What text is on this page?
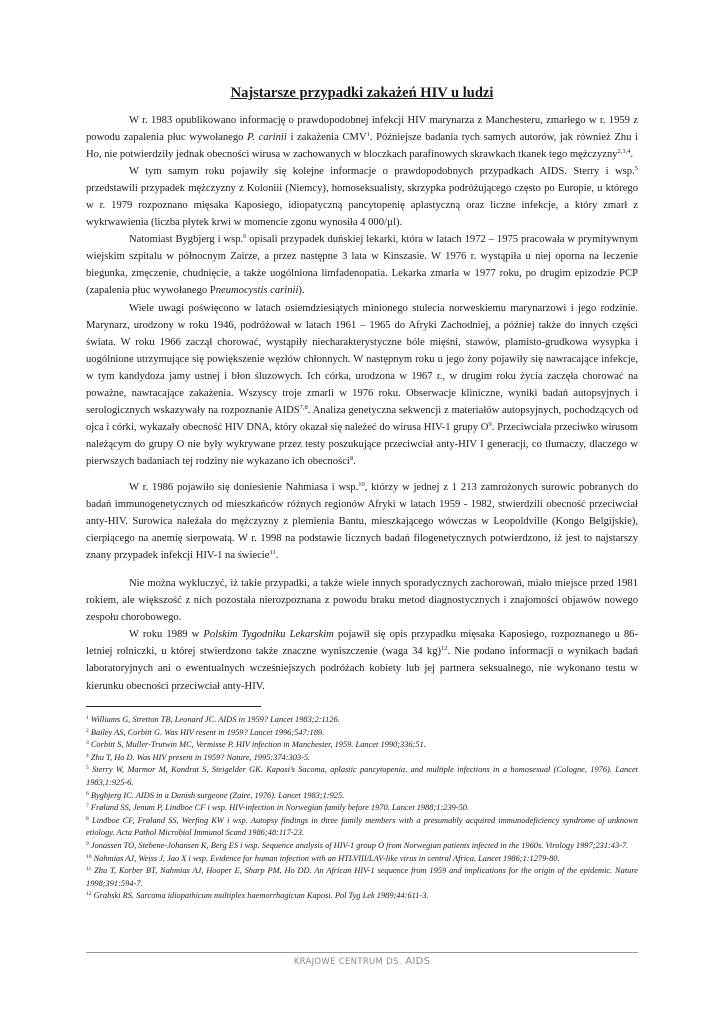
Najstarsze przypadki zakażeń HIV u ludzi

W r. 1983 opublikowano informację o prawdopodobnej infekcji HIV marynarza z Manchesteru, zmarłego w r. 1959 z powodu zapalenia płuc wywołanego P. carinii i zakażenia CMV$^1$. Późniejsze badania tych samych autorów, jak również Zhu i Ho, nie potwierdziły jednak obecności wirusa w zachowanych w bloczkach parafinowych skrawkach tkanek tego mężczyzny$^{2,3,4}$.

W tym samym roku pojawiły się kolejne informacje o prawdopodobnych przypadkach AIDS. Sterry i wsp.$^5$ przedstawili przypadek mężczyzny z Koloniii (Niemcy), homoseksualisty, skrzypka podróżującego często po Europie, u którego w r. 1979 rozpoznano mięsaka Kaposiego, idiopatyczną pancytopenię aplastyczną oraz liczne infekcje, a który zmarł z wykrwawienia (liczba płytek krwi w momencie zgonu wynosiła 4 000/µl).

Natomiast Bygbjerg i wsp.$^6$ opisali przypadek duńskiej lekarki, która w latach 1972 – 1975 pracowała w prymitywnym wiejskim szpitalu w północnym Zairze, a przez następne 3 lata w Kinszasie. W 1976 r. wystąpiła u niej oporna na leczenie biegunka, zmęczenie, chudnięcie, a także uogólniona limfadenopatia. Lekarka zmarła w 1977 roku, po drugim epizodzie PCP (zapalenia płuc wywołanego Pneumocystis carinii).

Wiele uwagi poświęcono w latach osiemdziesiątych minionego stulecia norweskiemu marynarzowi i jego rodzinie. Marynarz, urodzony w roku 1946, podróżował w latach 1961 – 1965 do Afryki Zachodniej, a później także do innych części świata. W roku 1966 zaczął chorować, wystąpiły niecharakterystyczne bóle mięśni, stawów, plamisto-grudkowa wysypka i uogólnione utrzymujące się powiększenie węzłów chłonnych. W następnym roku u jego żony pojawiły się nawracające infekcje, w tym kandydoza jamy ustnej i błon śluzowych. Ich córka, urodzona w 1967 r., w drugim roku życia zaczęła chorować na poważne, nawracające zakażenia. Wszyscy troje zmarli w 1976 roku. Obserwacje kliniczne, wyniki badań autopsyjnych i serologicznych wskazywały na rozpoznanie AIDS$^{7,8}$. Analiza genetyczna sekwencji z materiałów autopsyjnych, pochodzących od ojca i córki, wykazały obecność HIV DNA, który okazał się należeć do wirusa HIV-1 grupy $O^9$. Przeciwciała przeciwko wirusom należącym do grupy O nie były wykrywane przez testy poszukujące przeciwciał anty-HIV I generacji, co tłumaczy, dlaczego w pierwszych badaniach tej rodziny nie wykazano ich obecności$^8$.

W r. 1986 pojawiło się doniesienie Nahmiasa i wsp.$^{10}$, którzy w jednej z 1 213 zamrożonych surowic pobranych do badań immunogenetycznych od mieszkańców różnych regionów Afryki w latach 1959 - 1982, stwierdzili obecność przeciwciał anty-HIV. Surowica należała do mężczyzny z plemienia Bantu, mieszkającego wówczas w Leopoldville (Kongo Belgijskie), cierpiącego na anemię sierpowatą. W r. 1998 na podstawie licznych badań filogenetycznych potwierdzono, iż jest to najstarszy znany przypadek infekcji HIV-1 na świecie$^{11}$.

Nie można wykluczyć, iż takie przypadki, a także wiele innych sporadycznych zachorowań, miało miejsce przed 1981 rokiem, ale większość z nich pozostała nierozpoznana z powodu braku metod diagnostycznych i znajomości objawów nowego zespołu chorobowego.

W roku 1989 w Polskim Tygodniku Lekarskim pojawił się opis przypadku mięsaka Kaposiego, rozpoznanego u 86-letniej rolniczki, u której stwierdzono także znaczne wyniszczenie (waga 34 kg)$^{12}$. Nie podano informacji o wynikach badań laboratoryjnych ani o ewentualnych wcześniejszych podróżach kobiety lub jej partnera seksualnego, nie wykonano testu w kierunku obecności przeciwciał anty-HIV.

$^1$ Williams G, Stretton TB, Leonard JC. AIDS in 1959? Lancet 1983;2:1126.
$^2$ Bailey AS, Corbitt G. Was HIV resent in 1959? Lancet 1996;547:189.
$^3$ Corbitt S, Muller-Trutwin MC, Vermisse P. HIV infection in Manchester, 1959. Lancet 1990;336:51.
$^4$ Zhu T, Ho D. Was HIV present in 1959? Nature, 1995:374:303-5.
$^5$ Sterry W, Marmor M, Kondrat S, Steigelder GK. Kaposi’s Sacoma, aplastic pancytopenia, and multiple infections in a homosexual (Cologne, 1976). Lancet 1983,1:925-6.
$^6$ Bygbjerg IC. AIDS in a Danish surgeone (Zaire, 1976). Lancet 1983;1:925.
$^7$ Frøland SS, Jenum P, Lindboe CF i wsp. HIV-infection in Norwegian family before 1970. Lancet 1988;1:239-50.
$^8$ Lindboe CF, Frøland SS, Werfing KW i wsp. Autopsy findings in three family members with a presumably acquired immunodeficiency syndrome of unknown etiology. Acta Pathol Microbiol Immunol Scand 1986;48:117-23.
$^9$ Jonassen TO, Stebene-Johansen K, Berg ES i wsp. Sequence analysis of HIV-1 group O from Norwegian patients infected in the 1960s. Virology 1997;231:43-7.
$^{10}$ Nahmias AJ, Weiss J, Jao X i wsp. Evidence for human infection with an HTLVIII/LAV-like virus in central Africa. Lancet 1986;1:1279-80.
$^{11}$ Zhu T, Korber BT, Nahmias AJ, Hooper E, Sharp PM, Ho DD. An African HIV-1 sequence from 1959 and implications for the origin of the epidemic. Nature 1998;391:594-7.
$^{12}$ Grabski RS. Sarcoma idiopathicum multiplex haemorrhagicum Kaposi. Pol Tyg Lek 1989;44:611-3.
KRAJOWE CENTRUM DS. AIDS
